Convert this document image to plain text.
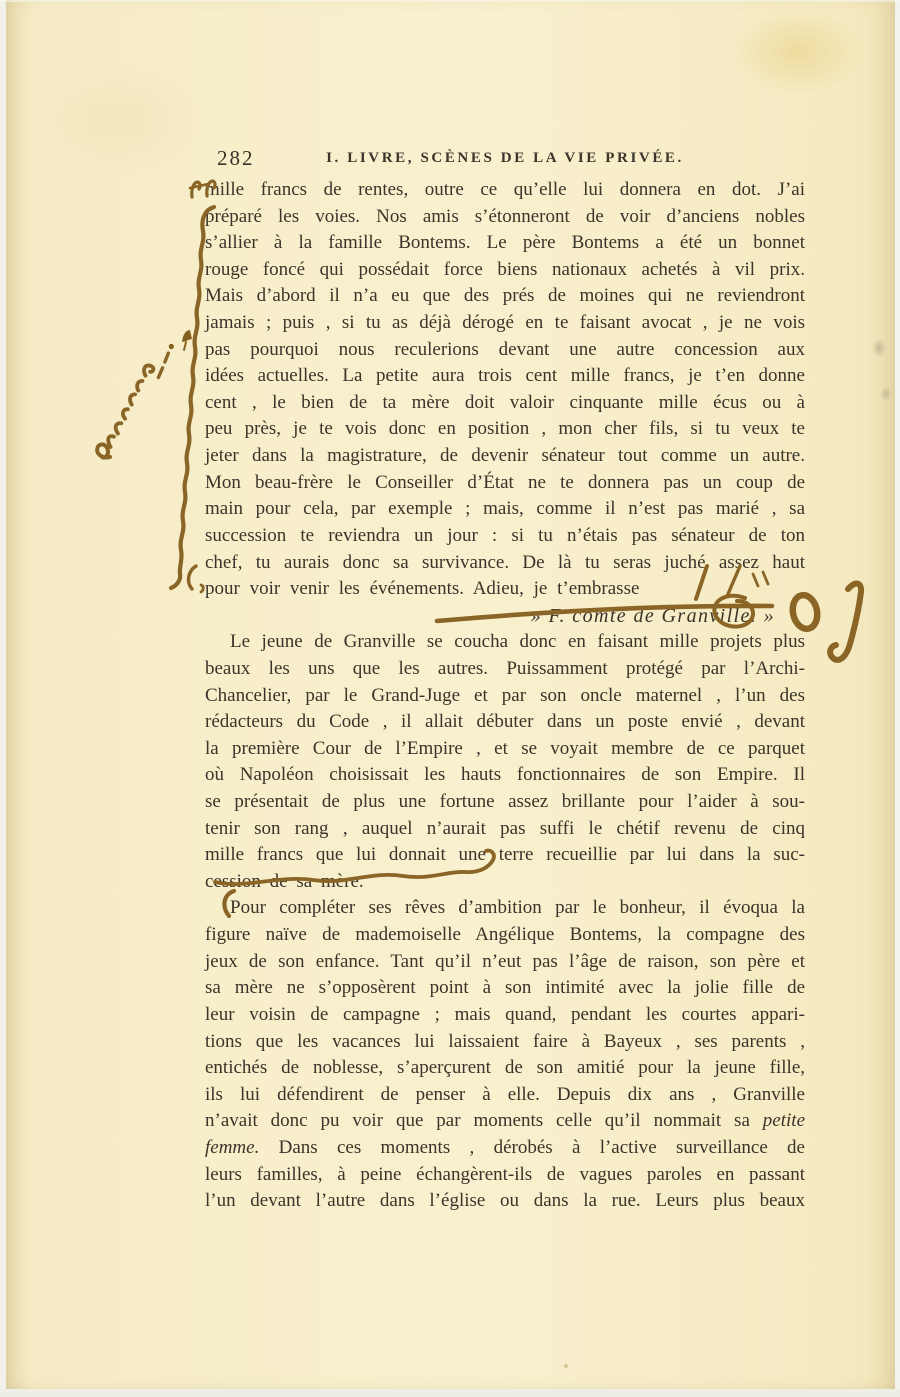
282	I. LIVRE, SCÈNES DE LA VIE PRIVÉE.
mille francs de rentes, outre ce qu’elle lui donnera en dot. J’ai
préparé les voies. Nos amis s’étonneront de voir d’anciens nobles
s’allier à la famille Bontems. Le père Bontems a été un bonnet
rouge foncé qui possédait force biens nationaux achetés à vil prix.
Mais d’abord il n’a eu que des prés de moines qui ne reviendront
jamais ; puis , si tu as déjà dérogé en te faisant avocat , je ne vois
pas pourquoi nous reculerions devant une autre concession aux
idées actuelles. La petite aura trois cent mille francs, je t’en donne
cent , le bien de ta mère doit valoir cinquante mille écus ou à
peu près, je te vois donc en position , mon cher fils, si tu veux te
jeter dans la magistrature, de devenir sénateur tout comme un autre.
Mon beau-frère le Conseiller d’État ne te donnera pas un coup de
main pour cela, par exemple ; mais, comme il n’est pas marié , sa
succession te reviendra un jour : si tu n’étais pas sénateur de ton
chef, tu aurais donc sa survivance. De là tu seras juché assez haut
pour voir venir les événements. Adieu, je t’embrasse
» F. comte de Granville. »
Le jeune de Granville se coucha donc en faisant mille projets plus
beaux les uns que les autres. Puissamment protégé par l’Archi-
Chancelier, par le Grand-Juge et par son oncle maternel , l’un des
rédacteurs du Code , il allait débuter dans un poste envié , devant
la première Cour de l’Empire , et se voyait membre de ce parquet
où Napoléon choisissait les hauts fonctionnaires de son Empire. Il
se présentait de plus une fortune assez brillante pour l’aider à sou-
tenir son rang , auquel n’aurait pas suffi le chétif revenu de cinq
mille francs que lui donnait une terre recueillie par lui dans la suc-
cession de sa mère.
Pour compléter ses rêves d’ambition par le bonheur, il évoqua la
figure naïve de mademoiselle Angélique Bontems, la compagne des
jeux de son enfance. Tant qu’il n’eut pas l’âge de raison, son père et
sa mère ne s’opposèrent point à son intimité avec la jolie fille de
leur voisin de campagne ; mais quand, pendant les courtes appari-
tions que les vacances lui laissaient faire à Bayeux , ses parents ,
entichés de noblesse, s’aperçurent de son amitié pour la jeune fille,
ils lui défendirent de penser à elle. Depuis dix ans , Granville
n’avait donc pu voir que par moments celle qu’il nommait sa petite
femme. Dans ces moments , dérobés à l’active surveillance de
leurs familles, à peine échangèrent-ils de vagues paroles en passant
l’un devant l’autre dans l’église ou dans la rue. Leurs plus beaux
